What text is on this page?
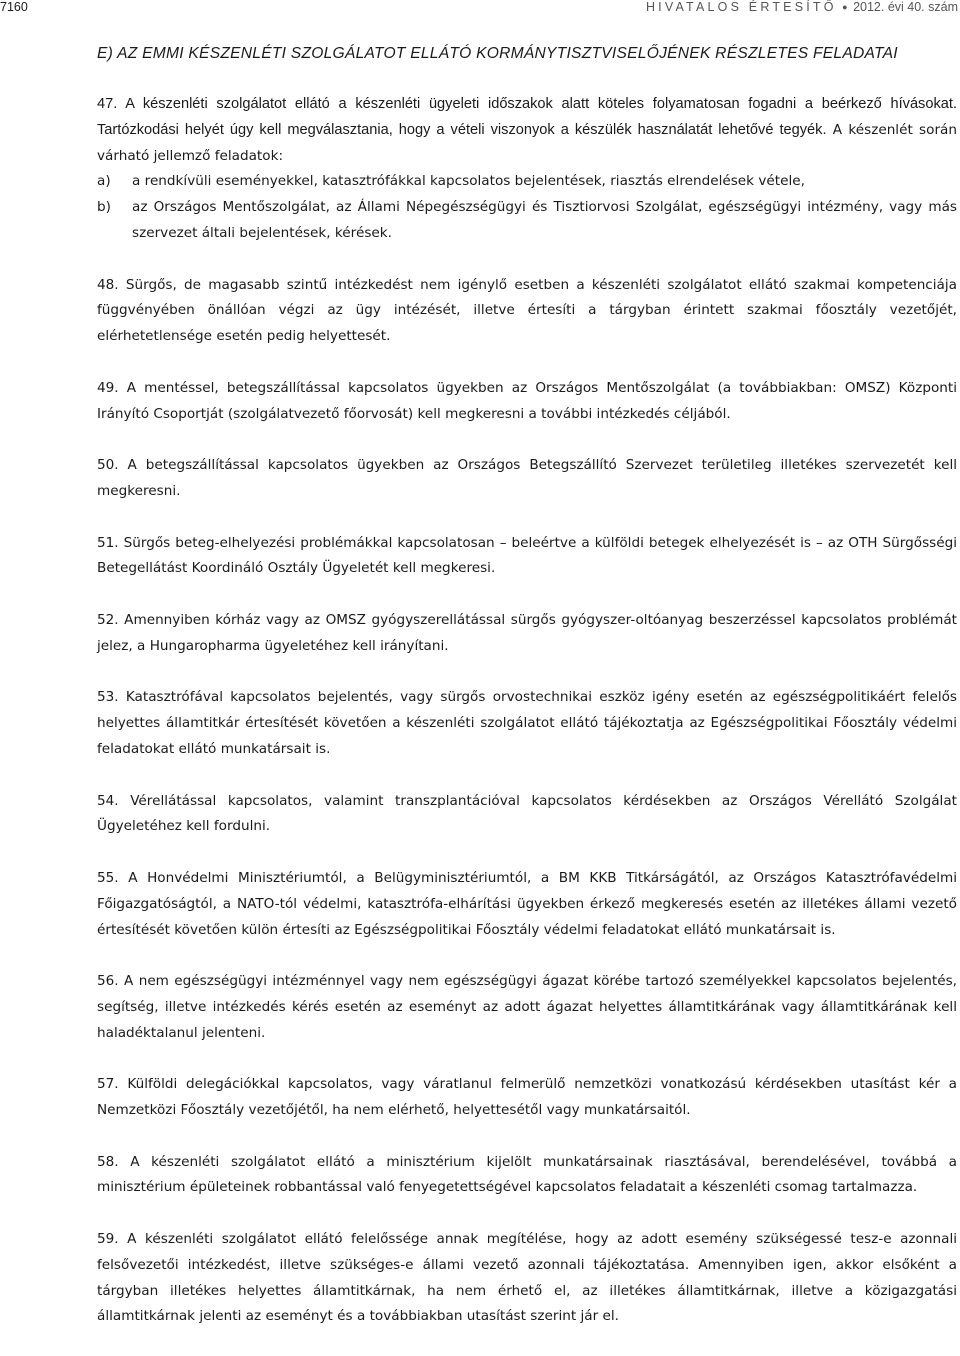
7160	HIVATALOS ÉRTESÍTŐ ● 2012. évi 40. szám
E) AZ EMMI KÉSZENLÉTI SZOLGÁLATOT ELLÁTÓ KORMÁNYTISZTVISELŐJÉNEK RÉSZLETES FELADATAI

47. A készenléti szolgálatot ellátó a készenléti ügyeleti időszakok alatt köteles folyamatosan fogadni a beérkező hívásokat. Tartózkodási helyét úgy kell megválasztania, hogy a vételi viszonyok a készülék használatát lehetővé tegyék. A készenlét során várható jellemző feladatok:

a)	a rendkívüli eseményekkel, katasztrófákkal kapcsolatos bejelentések, riasztás elrendelések vétele,
b)	az Országos Mentőszolgálat, az Állami Népegészségügyi és Tisztiorvosi Szolgálat, egészségügyi intézmény, vagy más szervezet általi bejelentések, kérések.

48. Sürgős, de magasabb szintű intézkedést nem igénylő esetben a készenléti szolgálatot ellátó szakmai kompetenciája függvényében önállóan végzi az ügy intézését, illetve értesíti a tárgyban érintett szakmai főosztály vezetőjét, elérhetetlensége esetén pedig helyettesét.

49. A mentéssel, betegszállítással kapcsolatos ügyekben az Országos Mentőszolgálat (a továbbiakban: OMSZ) Központi Irányító Csoportját (szolgálatvezető főorvosát) kell megkeresni a további intézkedés céljából.

50. A betegszállítással kapcsolatos ügyekben az Országos Betegszállító Szervezet területileg illetékes szervezetét kell megkeresni.

51. Sürgős beteg-elhelyezési problémákkal kapcsolatosan – beleértve a külföldi betegek elhelyezését is – az OTH Sürgősségi Betegellátást Koordináló Osztály Ügyeletét kell megkeresi.

52. Amennyiben kórház vagy az OMSZ gyógyszerellátással sürgős gyógyszer-oltóanyag beszerzéssel kapcsolatos problémát jelez, a Hungaropharma ügyeletéhez kell irányítani.

53. Katasztrófával kapcsolatos bejelentés, vagy sürgős orvostechnikai eszköz igény esetén az egészségpolitikáért felelős helyettes államtitkár értesítését követően a készenléti szolgálatot ellátó tájékoztatja az Egészségpolitikai Főosztály védelmi feladatokat ellátó munkatársait is.

54. Vérellátással kapcsolatos, valamint transzplantációval kapcsolatos kérdésekben az Országos Vérellátó Szolgálat Ügyeletéhez kell fordulni.

55. A Honvédelmi Minisztériumtól, a Belügyminisztériumtól, a BM KKB Titkárságától, az Országos Katasztrófavédelmi Főigazgatóságtól, a NATO-tól védelmi, katasztrófa-elhárítási ügyekben érkező megkeresés esetén az illetékes állami vezető értesítését követően külön értesíti az Egészségpolitikai Főosztály védelmi feladatokat ellátó munkatársait is.

56. A nem egészségügyi intézménnyel vagy nem egészségügyi ágazat körébe tartozó személyekkel kapcsolatos bejelentés, segítség, illetve intézkedés kérés esetén az eseményt az adott ágazat helyettes államtitkárának vagy államtitkárának kell haladéktalanul jelenteni.

57. Külföldi delegációkkal kapcsolatos, vagy váratlanul felmerülő nemzetközi vonatkozású kérdésekben utasítást kér a Nemzetközi Főosztály vezetőjétől, ha nem elérhető, helyettesétől vagy munkatársaitól.

58. A készenléti szolgálatot ellátó a minisztérium kijelölt munkatársainak riasztásával, berendelésével, továbbá a minisztérium épületeinek robbantással való fenyegetettségével kapcsolatos feladatait a készenléti csomag tartalmazza.

59. A készenléti szolgálatot ellátó felelőssége annak megítélése, hogy az adott esemény szükségessé tesz-e azonnali felsővezetői intézkedést, illetve szükséges-e állami vezető azonnali tájékoztatása. Amennyiben igen, akkor elsőként a tárgyban illetékes helyettes államtitkárnak, ha nem érhető el, az illetékes államtitkárnak, illetve a közigazgatási államtitkárnak jelenti az eseményt és a továbbiakban utasítást szerint jár el.
